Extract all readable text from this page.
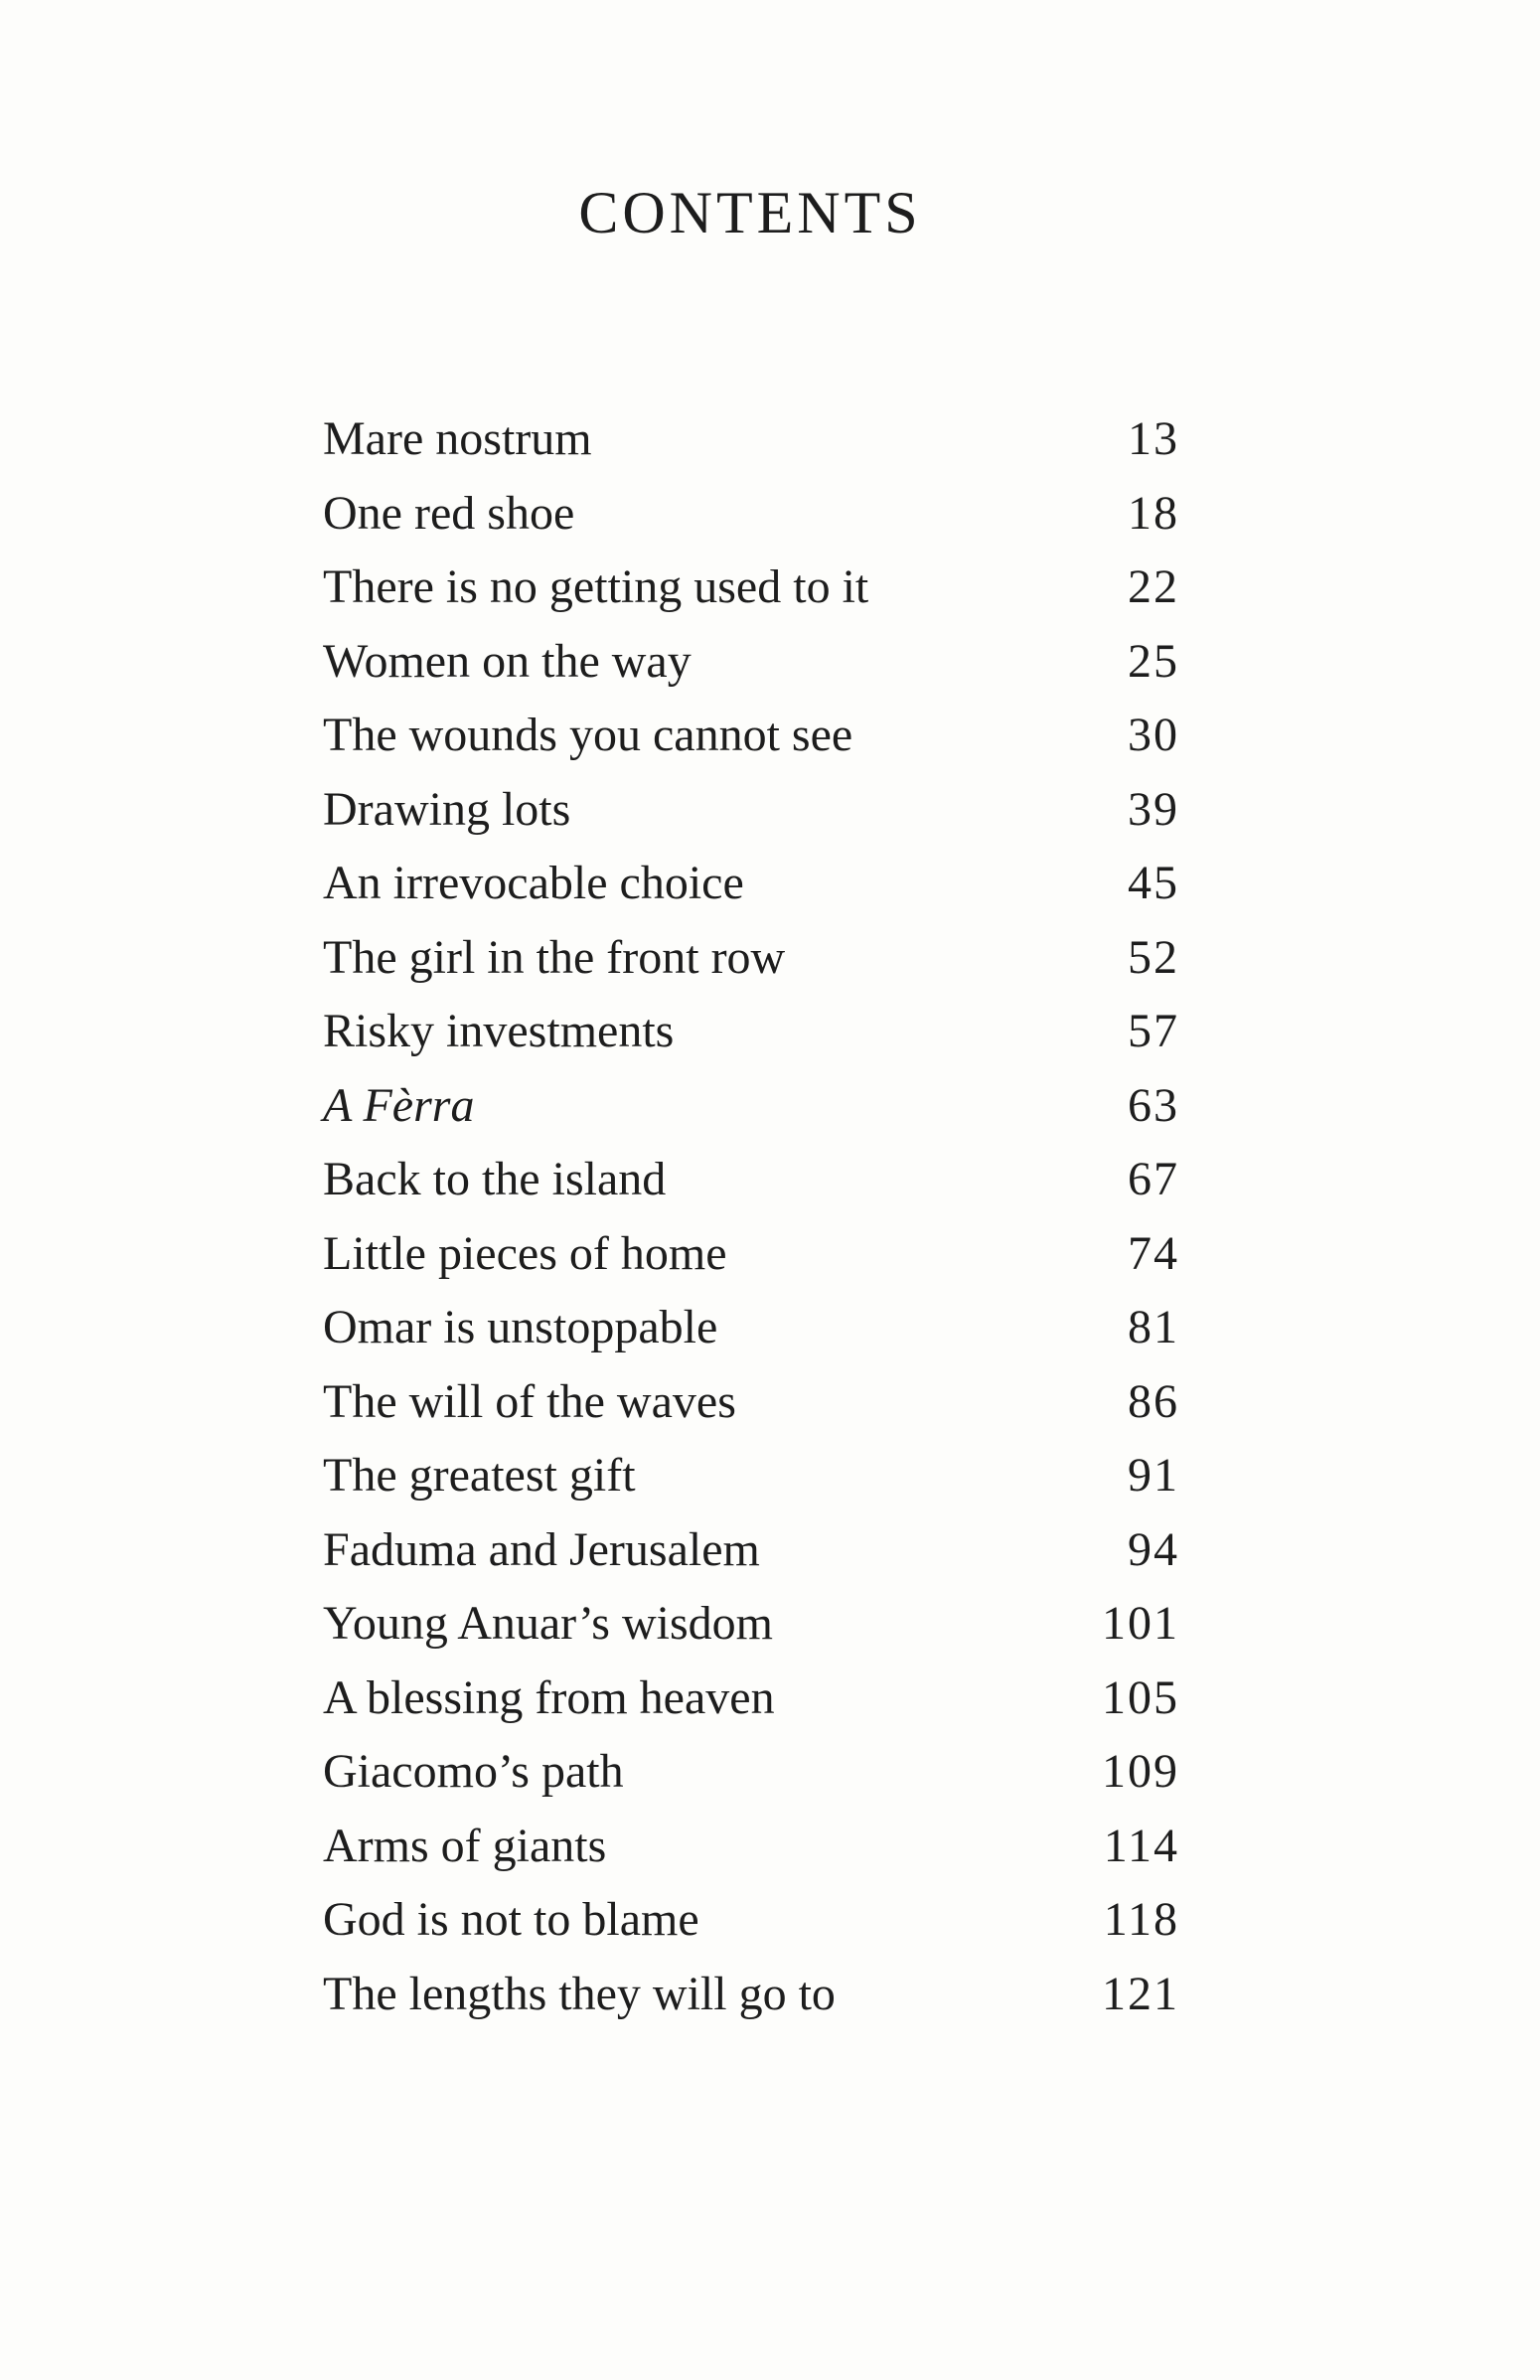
CONTENTS
Mare nostrum	13
One red shoe	18
There is no getting used to it	22
Women on the way	25
The wounds you cannot see	30
Drawing lots	39
An irrevocable choice	45
The girl in the front row	52
Risky investments	57
A Fèrra	63
Back to the island	67
Little pieces of home	74
Omar is unstoppable	81
The will of the waves	86
The greatest gift	91
Faduma and Jerusalem	94
Young Anuar’s wisdom	101
A blessing from heaven	105
Giacomo’s path	109
Arms of giants	114
God is not to blame	118
The lengths they will go to	121
